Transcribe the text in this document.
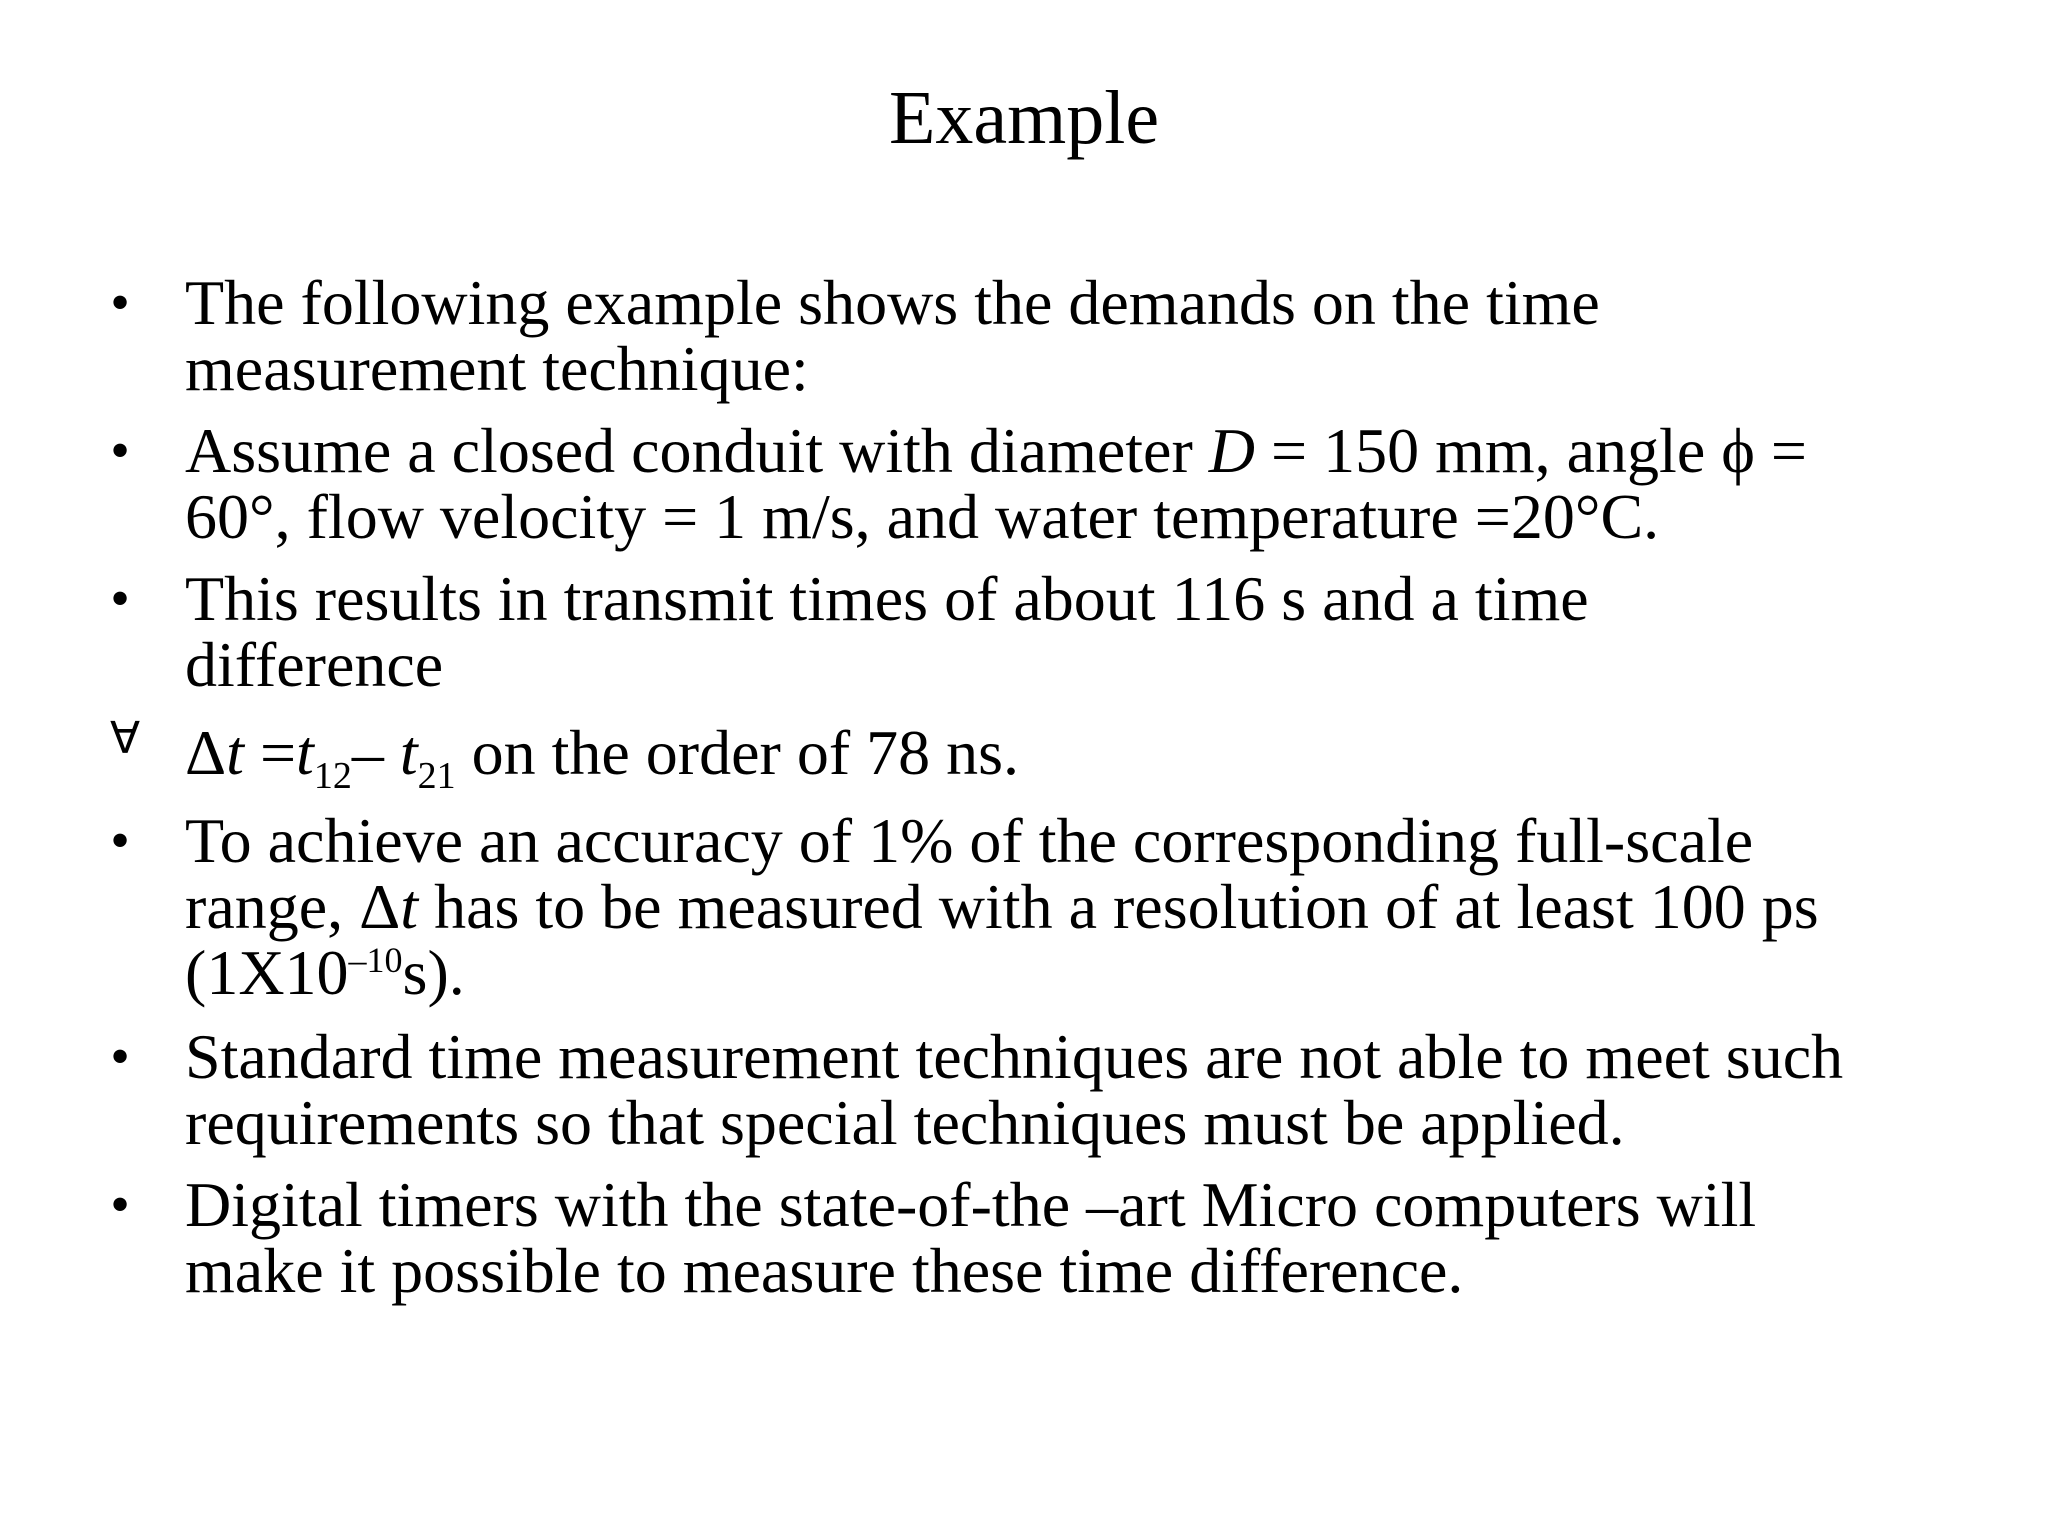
Example
• The following example shows the demands on the time
measurement technique:
• Assume a closed conduit with diameter D = 150 mm, angle ϕ =
60°, flow velocity = 1 m/s, and water temperature =20°C.
• This results in transmit times of about 116 s and a time
difference
∀ $\Delta t =t_{12}-$ $t_{21}$ on the order of 78 ns.
• To achieve an accuracy of 1% of the corresponding full-scale
range, Δt has to be measured with a resolution of at least 100 ps
$(1X10^{-10}s)$.
• Standard time measurement techniques are not able to meet such
requirements so that special techniques must be applied.
• Digital timers with the state-of-the –art Micro computers will
make it possible to measure these time difference.
